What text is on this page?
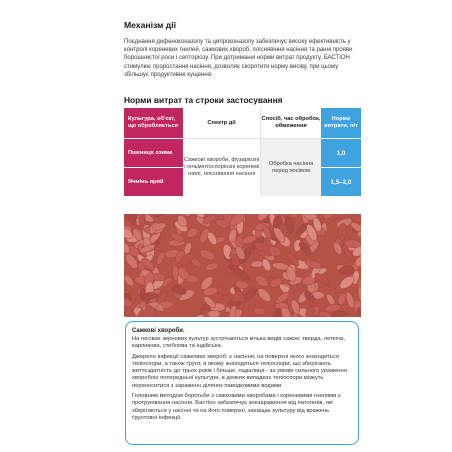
Механізм дії
Поєднання дифеноконазолу та ципроконазолу забезпечує високу ефективність у контролі кореневих гнилей, сажкових хвороб, пліснявіння насіння та ранні прояви борошнистої роси і септоріозу. При дотриманні норми витрат продукту, БАСТІОН стимулює проростання насіння, дозволяє скоротити норму висіву, при цьому збільшує продуктивне кущення.
Норми витрат та строки застосування
Культура, об'єкт, що обробляється	Спектр дії	Спосіб, час обробок, обмеження	Норми витрати, л/т
Пшениця озима	Сажкові хвороби, фузаріозні і гельмінтоспоріозні кореневі гнилі, пліснявіння насіння	Обробка насіння перед посівом	1,0
Ячмінь ярий			1,5–2,0
Сажкові хвороби.

На посівах зернових культур зустрічаються кілька видів сажок: тверда, летюча, карликова, стеблова та індійська.

Джерело інфекції сажкових хвороб: є насіння, на поверхні якого знаходяться теліоспори, а також ґрунт, в якому знаходяться теліоспори, що зберігають життєздатність до трьох років і більше, падалиця - за умови сильного ураження хворобою попередньої культури, в деяких випадках теліоспори можуть переноситися з зараженн ділянок паводковими водами.

Головним методом боротьби з сажковими хворобами і кореневими гнилями є протруювання насіння. Бастіон забезпечує знезараження від патогенів, які зберігаються у насінні та на його поверхні, захищає культуру від вражень ґрунтової інфекції.
